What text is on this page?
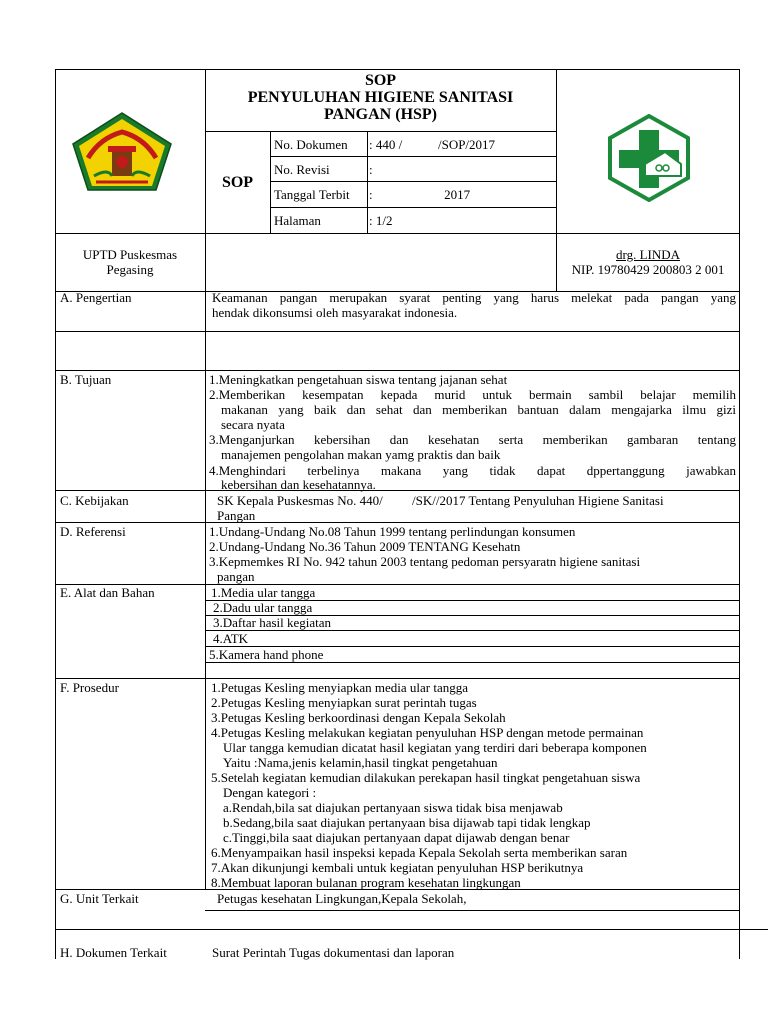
SOP
PENYULUHAN HIGIENE SANITASI
PANGAN (HSP)
SOP
No. Dokumen : 440 /           /SOP/2017
No. Revisi	:
Tanggal Terbit :                      2017
Halaman	: 1/2
UPTD Puskesmas
Pegasing
drg. LINDA
NIP. 19780429 200803 2 001
A. Pengertian	Keamanan pangan merupakan syarat penting yang harus melekat pada pangan yang
hendak dikonsumsi oleh masyarakat indonesia.
B. Tujuan	1.Meningkatkan pengetahuan siswa tentang jajanan sehat
2.Memberikan kesempatan kepada murid untuk bermain sambil belajar memilih
makanan yang baik dan sehat dan memberikan bantuan dalam mengajarka ilmu gizi
secara nyata
3.Menganjurkan kebersihan dan kesehatan serta memberikan gambaran tentang
manajemen pengolahan makan yamg praktis dan baik
4.Menghindari terbelinya makana yang tidak dapat dppertanggung jawabkan
kebersihan dan kesehatannya.
C. Kebijakan	SK Kepala Puskesmas No. 440/         /SK//2017 Tentang Penyuluhan Higiene Sanitasi
Pangan
D. Referensi	1.Undang-Undang No.08 Tahun 1999 tentang perlindungan konsumen
2.Undang-Undang No.36 Tahun 2009 TENTANG Kesehatn
3.Kepmemkes RI No. 942 tahun 2003 tentang pedoman persyaratn higiene sanitasi
pangan
E. Alat dan Bahan	1.Media ular tangga
2.Dadu ular tangga
3.Daftar hasil kegiatan
4.ATK
5.Kamera hand phone
F. Prosedur	1.Petugas Kesling menyiapkan media ular tangga
2.Petugas Kesling menyiapkan surat perintah tugas
3.Petugas Kesling berkoordinasi dengan Kepala Sekolah
4.Petugas Kesling melakukan kegiatan penyuluhan HSP dengan metode permainan
Ular tangga kemudian dicatat hasil kegiatan yang terdiri dari beberapa komponen
Yaitu :Nama,jenis kelamin,hasil tingkat pengetahuan
5.Setelah kegiatan kemudian dilakukan perekapan hasil tingkat pengetahuan siswa
Dengan kategori :
a.Rendah,bila sat diajukan pertanyaan siswa tidak bisa menjawab
b.Sedang,bila saat diajukan pertanyaan bisa dijawab tapi tidak lengkap
c.Tinggi,bila saat diajukan pertanyaan dapat dijawab dengan benar
6.Menyampaikan hasil inspeksi kepada Kepala Sekolah serta memberikan saran
7.Akan dikunjungi kembali untuk kegiatan penyuluhan HSP berikutnya
8.Membuat laporan bulanan program kesehatan lingkungan
G. Unit Terkait	Petugas kesehatan Lingkungan,Kepala Sekolah,
H. Dokumen Terkait	Surat Perintah Tugas dokumentasi dan laporan
